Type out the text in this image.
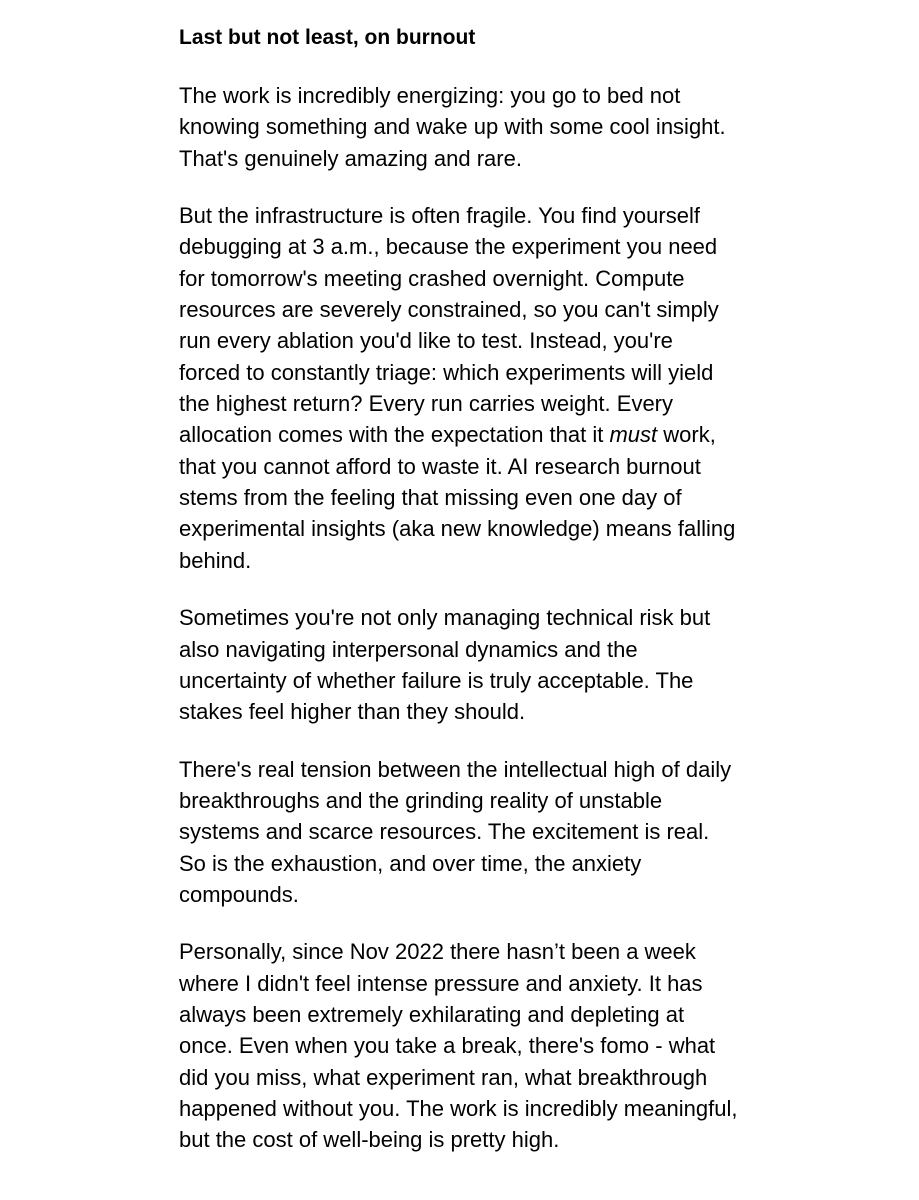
Last but not least, on burnout
The work is incredibly energizing: you go to bed not
knowing something and wake up with some cool insight.
That's genuinely amazing and rare.
But the infrastructure is often fragile. You find yourself
debugging at 3 a.m., because the experiment you need
for tomorrow's meeting crashed overnight. Compute
resources are severely constrained, so you can't simply
run every ablation you'd like to test. Instead, you're
forced to constantly triage: which experiments will yield
the highest return? Every run carries weight. Every
allocation comes with the expectation that it must work,
that you cannot afford to waste it. AI research burnout
stems from the feeling that missing even one day of
experimental insights (aka new knowledge) means falling
behind.
Sometimes you're not only managing technical risk but
also navigating interpersonal dynamics and the
uncertainty of whether failure is truly acceptable. The
stakes feel higher than they should.
There's real tension between the intellectual high of daily
breakthroughs and the grinding reality of unstable
systems and scarce resources. The excitement is real.
So is the exhaustion, and over time, the anxiety
compounds.
Personally, since Nov 2022 there hasn’t been a week
where I didn't feel intense pressure and anxiety. It has
always been extremely exhilarating and depleting at
once. Even when you take a break, there's fomo - what
did you miss, what experiment ran, what breakthrough
happened without you. The work is incredibly meaningful,
but the cost of well-being is pretty high.
